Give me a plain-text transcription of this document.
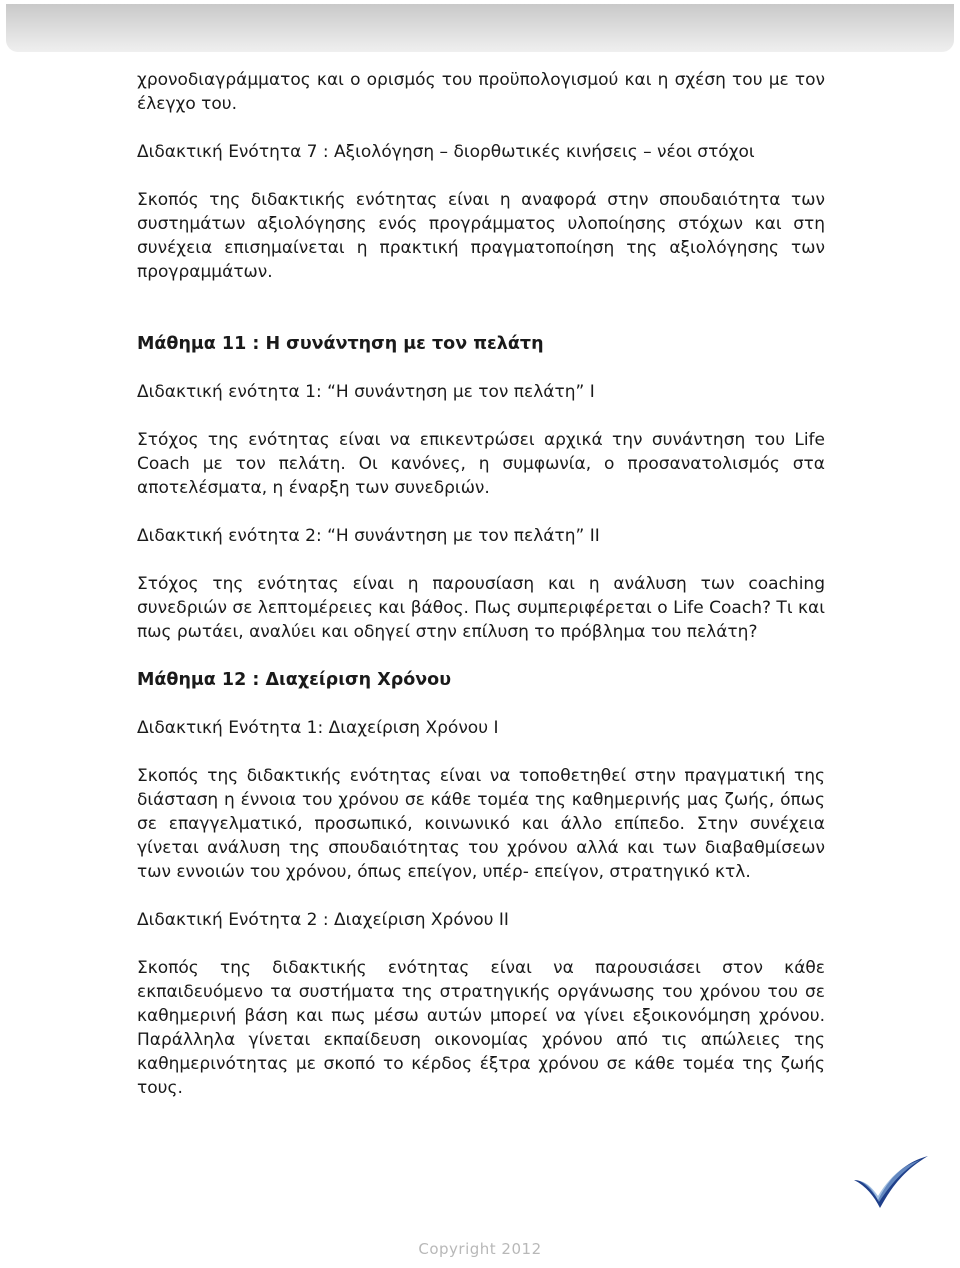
χρονοδιαγράμματος και ο ορισμός του προϋπολογισμού και η σχέση του με τον έλεγχο του.

Διδακτική Ενότητα 7 : Αξιολόγηση – διορθωτικές κινήσεις – νέοι στόχοι

Σκοπός της διδακτικής ενότητας είναι η αναφορά στην σπουδαιότητα των συστημάτων αξιολόγησης ενός προγράμματος υλοποίησης στόχων και στη συνέχεια επισημαίνεται η πρακτική πραγματοποίηση της αξιολόγησης των προγραμμάτων.

Μάθημα 11 : Η συνάντηση με τον πελάτη

Διδακτική ενότητα 1: “Η συνάντηση με τον πελάτη” Ι

Στόχος της ενότητας είναι να επικεντρώσει αρχικά την συνάντηση του Life Coach με τον πελάτη. Οι κανόνες, η συμφωνία, ο προσανατολισμός στα αποτελέσματα, η έναρξη των συνεδριών.

Διδακτική ενότητα 2: “Η συνάντηση με τον πελάτη” ΙΙ

Στόχος της ενότητας είναι η παρουσίαση και η ανάλυση των coaching συνεδριών σε λεπτομέρειες και βάθος. Πως συμπεριφέρεται ο Life Coach? Τι και πως ρωτάει, αναλύει και οδηγεί στην επίλυση το πρόβλημα του πελάτη?

Μάθημα 12 : Διαχείριση Χρόνου

Διδακτική Ενότητα 1: Διαχείριση Χρόνου Ι

Σκοπός της διδακτικής ενότητας είναι να τοποθετηθεί στην πραγματική της διάσταση η έννοια του χρόνου σε κάθε τομέα της καθημερινής μας ζωής, όπως σε επαγγελματικό, προσωπικό, κοινωνικό και άλλο επίπεδο. Στην συνέχεια γίνεται ανάλυση της σπουδαιότητας του χρόνου αλλά και των διαβαθμίσεων των εννοιών του χρόνου, όπως επείγον, υπέρ- επείγον, στρατηγικό κτλ.

Διδακτική Ενότητα 2 : Διαχείριση Χρόνου ΙΙ

Σκοπός της διδακτικής ενότητας είναι να παρουσιάσει στον κάθε εκπαιδευόμενο τα συστήματα της στρατηγικής οργάνωσης του χρόνου του σε καθημερινή βάση και πως μέσω αυτών μπορεί να γίνει εξοικονόμηση χρόνου. Παράλληλα γίνεται εκπαίδευση οικονομίας χρόνου από τις απώλειες της καθημερινότητας με σκοπό το κέρδος έξτρα χρόνου σε κάθε τομέα της ζωής τους.

Copyright 2012
